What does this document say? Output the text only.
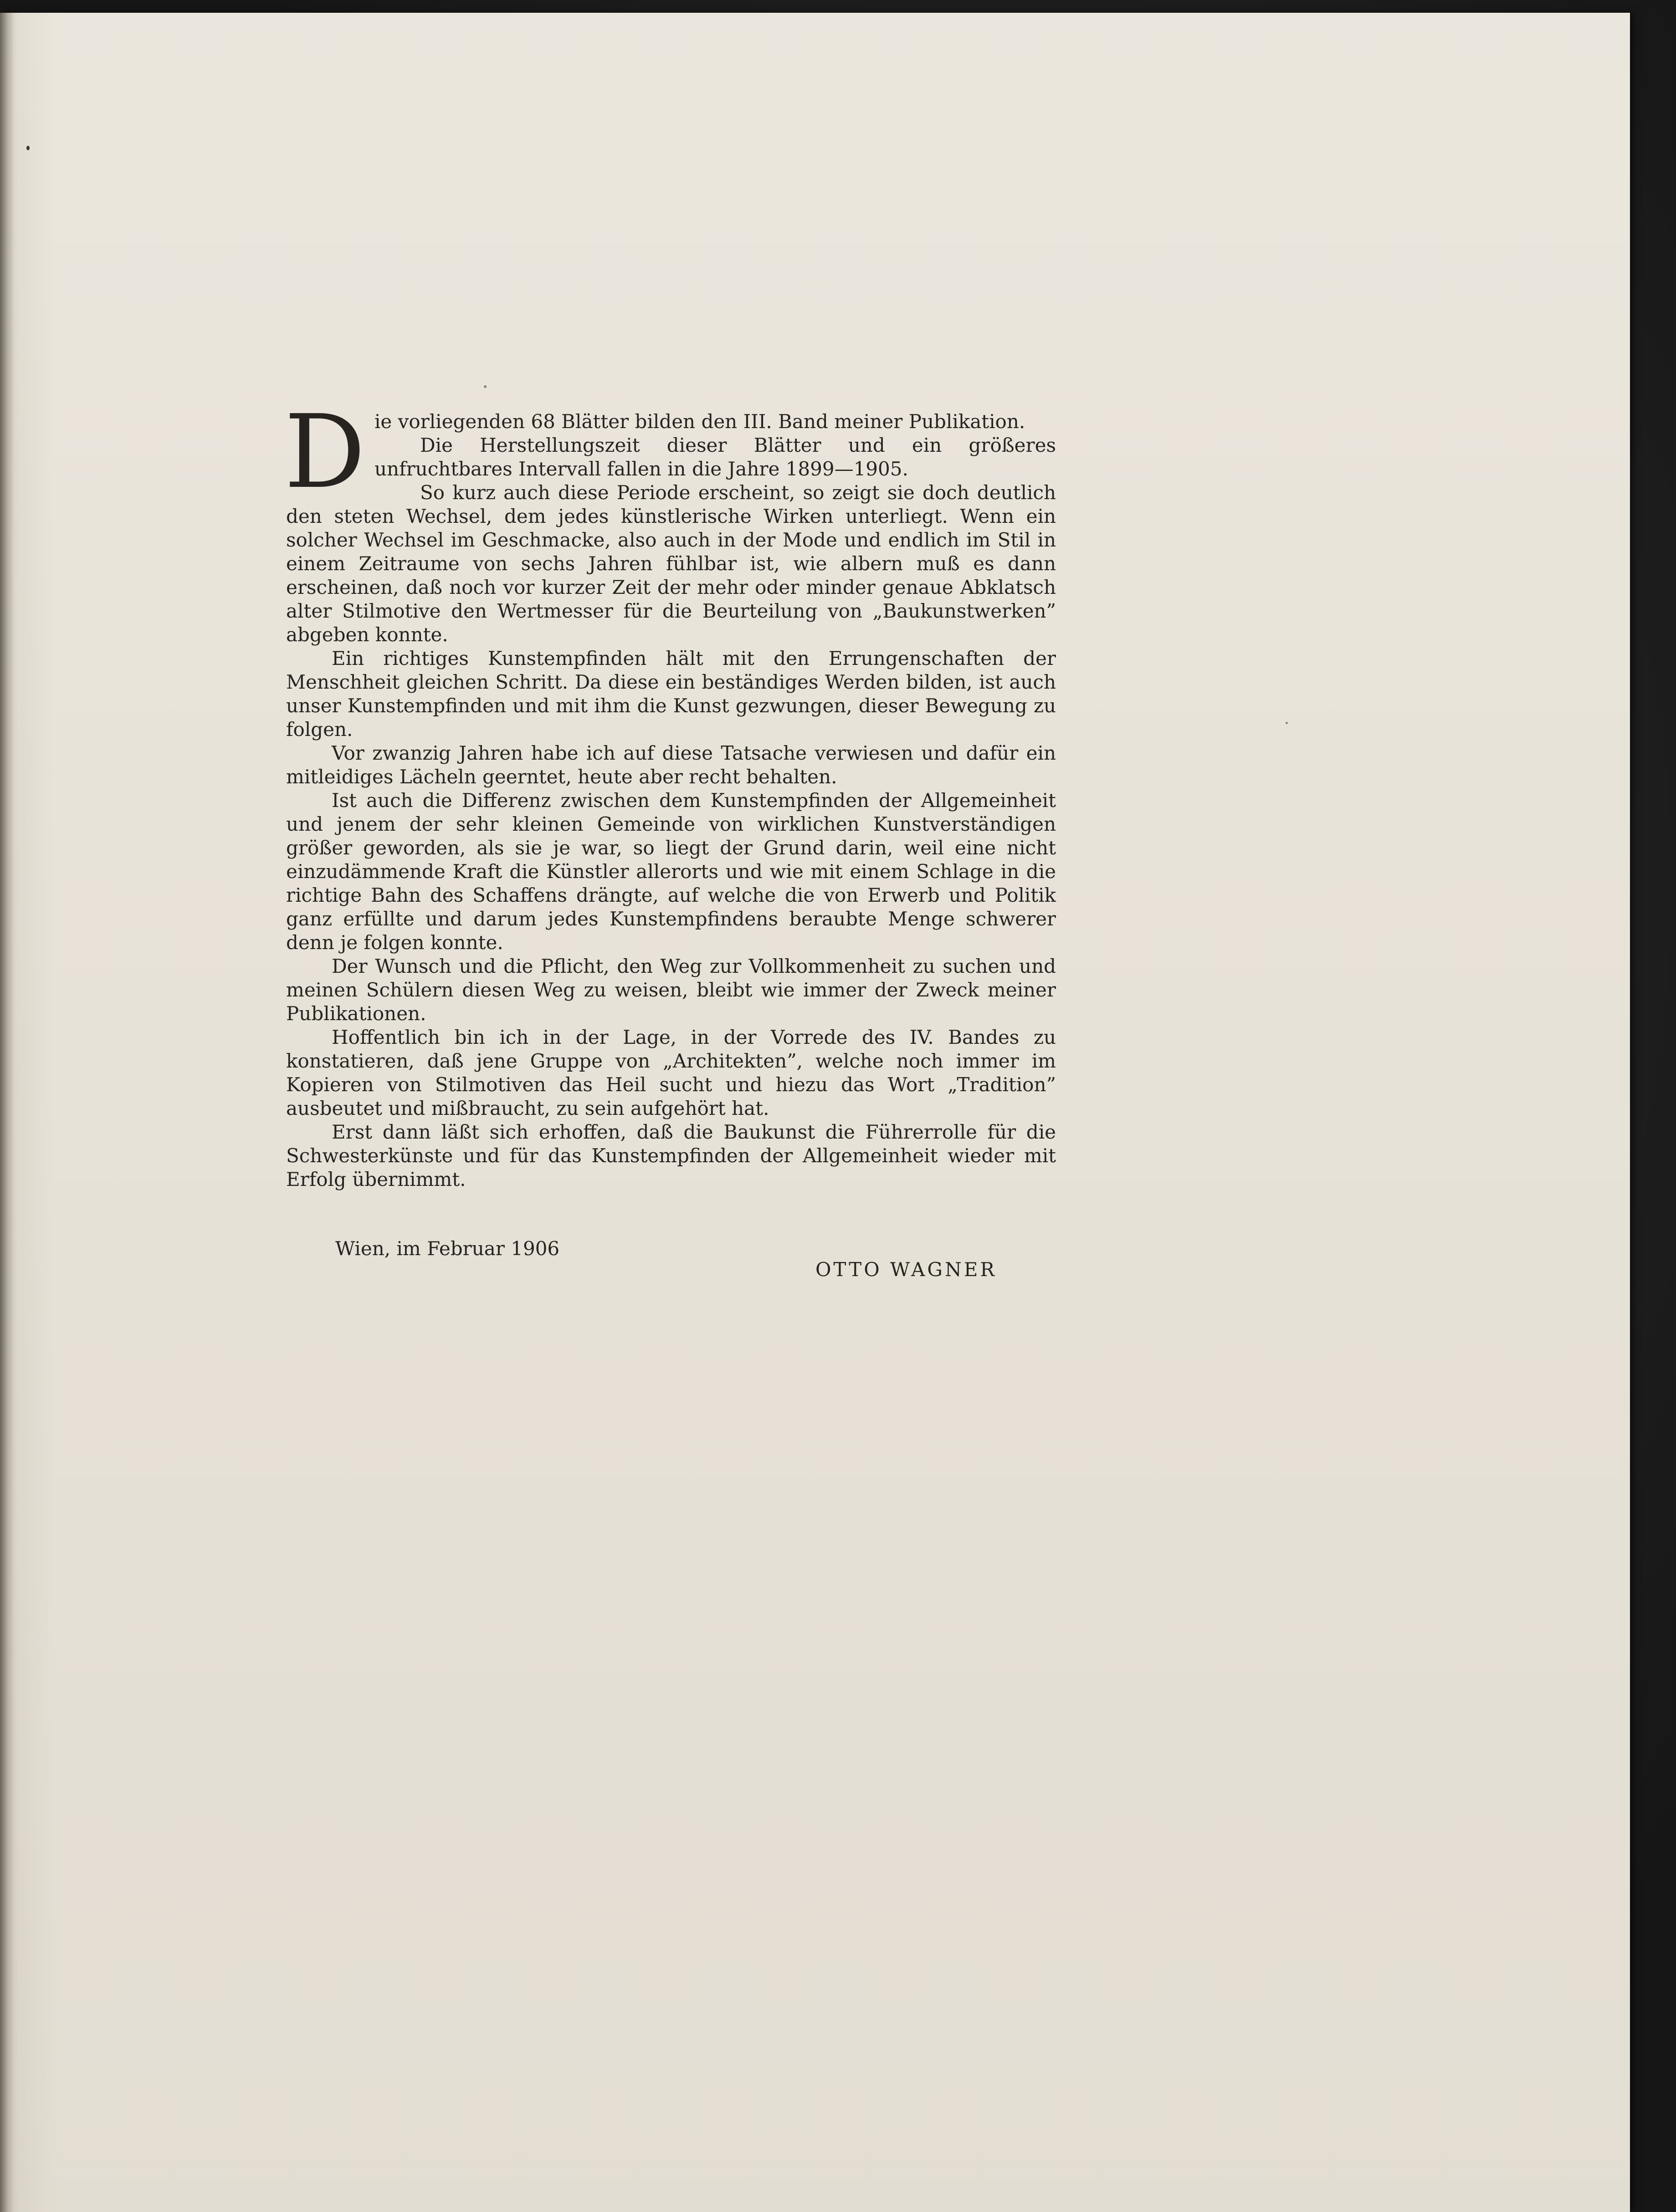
D ie vorliegenden 68 Blätter bilden den III. Band meiner Publikation.

Die Herstellungszeit dieser Blätter und ein größeres unfruchtbares Intervall fallen in die Jahre 1899—1905.

So kurz auch diese Periode erscheint, so zeigt sie doch deutlich den steten Wechsel, dem jedes künstlerische Wirken unterliegt. Wenn ein solcher Wechsel im Geschmacke, also auch in der Mode und endlich im Stil in einem Zeitraume von sechs Jahren fühlbar ist, wie albern muß es dann erscheinen, daß noch vor kurzer Zeit der mehr oder minder genaue Abklatsch alter Stilmotive den Wertmesser für die Beurteilung von „Baukunstwerken” abgeben konnte.

Ein richtiges Kunstempfinden hält mit den Errungenschaften der Menschheit gleichen Schritt. Da diese ein beständiges Werden bilden, ist auch unser Kunstempfinden und mit ihm die Kunst gezwungen, dieser Bewegung zu folgen.

Vor zwanzig Jahren habe ich auf diese Tatsache verwiesen und dafür ein mitleidiges Lächeln geerntet, heute aber recht behalten.

Ist auch die Differenz zwischen dem Kunstempfinden der Allgemeinheit und jenem der sehr kleinen Gemeinde von wirklichen Kunstverständigen größer geworden, als sie je war, so liegt der Grund darin, weil eine nicht einzudämmende Kraft die Künstler allerorts und wie mit einem Schlage in die richtige Bahn des Schaffens drängte, auf welche die von Erwerb und Politik ganz erfüllte und darum jedes Kunstempfindens beraubte Menge schwerer denn je folgen konnte.

Der Wunsch und die Pflicht, den Weg zur Vollkommenheit zu suchen und meinen Schülern diesen Weg zu weisen, bleibt wie immer der Zweck meiner Publikationen.

Hoffentlich bin ich in der Lage, in der Vorrede des IV. Bandes zu konstatieren, daß jene Gruppe von „Architekten”, welche noch immer im Kopieren von Stilmotiven das Heil sucht und hiezu das Wort „Tradition” ausbeutet und mißbraucht, zu sein aufgehört hat.

Erst dann läßt sich erhoffen, daß die Baukunst die Führerrolle für die Schwesterkünste und für das Kunstempfinden der Allgemeinheit wieder mit Erfolg übernimmt.

Wien, im Februar 1906
OTTO WAGNER
